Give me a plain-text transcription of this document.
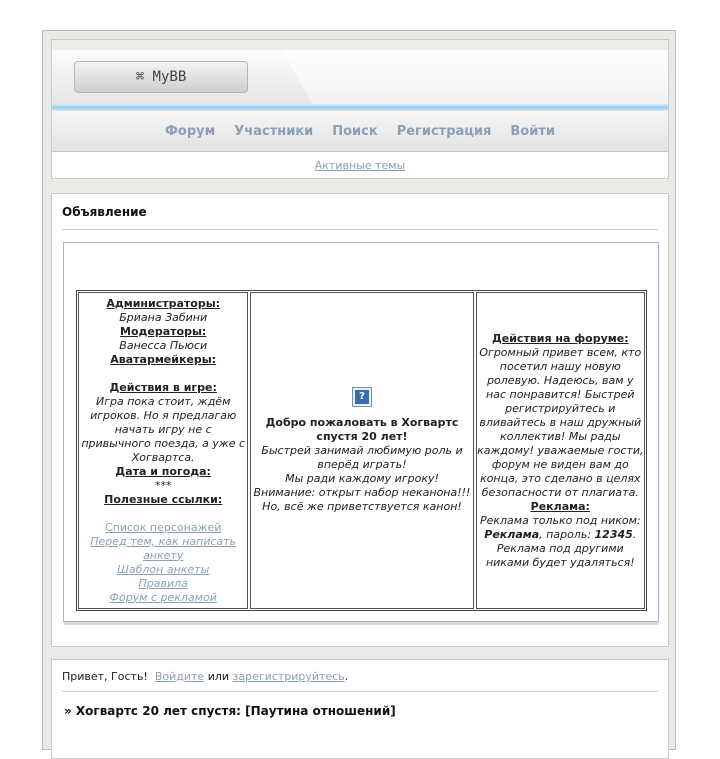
⌘ MyBB
Форум Участники Поиск Регистрация Войти
Активные темы
Объявление
Администраторы:
Бриана Забини
Модераторы:
Ванесса Пьюси
Аватармейкеры:
Действия в игре:
Игра пока стоит, ждём игроков. Но я предлагаю начать игру не с привычного поезда, а уже с Хогвартса.
Дата и погода:
***
Полезные ссылки:
Список персонажей
Перед тем, как написать анкету
Шаблон анкеты
Правила
Форум с рекламой
?
Добро пожаловать в Хогвартс спустя 20 лет!
Быстрей занимай любимую роль и вперёд играть!
Мы ради каждому игроку!
Внимание: открыт набор неканона!!!
Но, всё же приветствуется канон!
Действия на форуме:
Огромный привет всем, кто посетил нашу новую ролевую. Надеюсь, вам у нас понравится! Быстрей регистрируйтесь и вливайтесь в наш дружный коллектив! Мы рады каждому! уважаемые гости, форум не виден вам до конца, это сделано в целях безопасности от плагиата.
Реклама:
Реклама только под ником: Реклама, пароль: 12345. Реклама под другими никами будет удаляться!
Привет, Гость! Войдите или зарегистрируйтесь.
» Хогвартс 20 лет спустя: [Паутина отношений]
